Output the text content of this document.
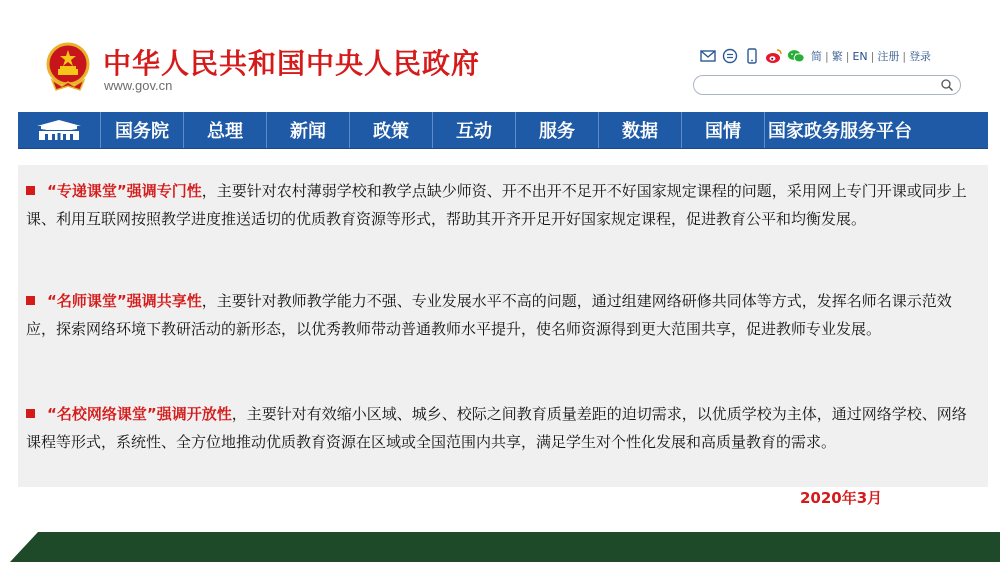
中华人民共和国中央人民政府
www.gov.cn
简 | 繁 | EN | 注册 | 登录
国务院	总理	新闻	政策	互动	服务	数据	国情	国家政务服务平台
“专递课堂”强调专门性，主要针对农村薄弱学校和教学点缺少师资、开不出开不足开不好国家规定课程的问题，采用网上专门开课或同步上课、利用互联网按照教学进度推送适切的优质教育资源等形式，帮助其开齐开足开好国家规定课程，促进教育公平和均衡发展。
“名师课堂”强调共享性，主要针对教师教学能力不强、专业发展水平不高的问题，通过组建网络研修共同体等方式，发挥名师名课示范效应，探索网络环境下教研活动的新形态，以优秀教师带动普通教师水平提升，使名师资源得到更大范围共享，促进教师专业发展。
“名校网络课堂”强调开放性，主要针对有效缩小区域、城乡、校际之间教育质量差距的迫切需求，以优质学校为主体，通过网络学校、网络课程等形式，系统性、全方位地推动优质教育资源在区域或全国范围内共享，满足学生对个性化发展和高质量教育的需求。
2020年3月
